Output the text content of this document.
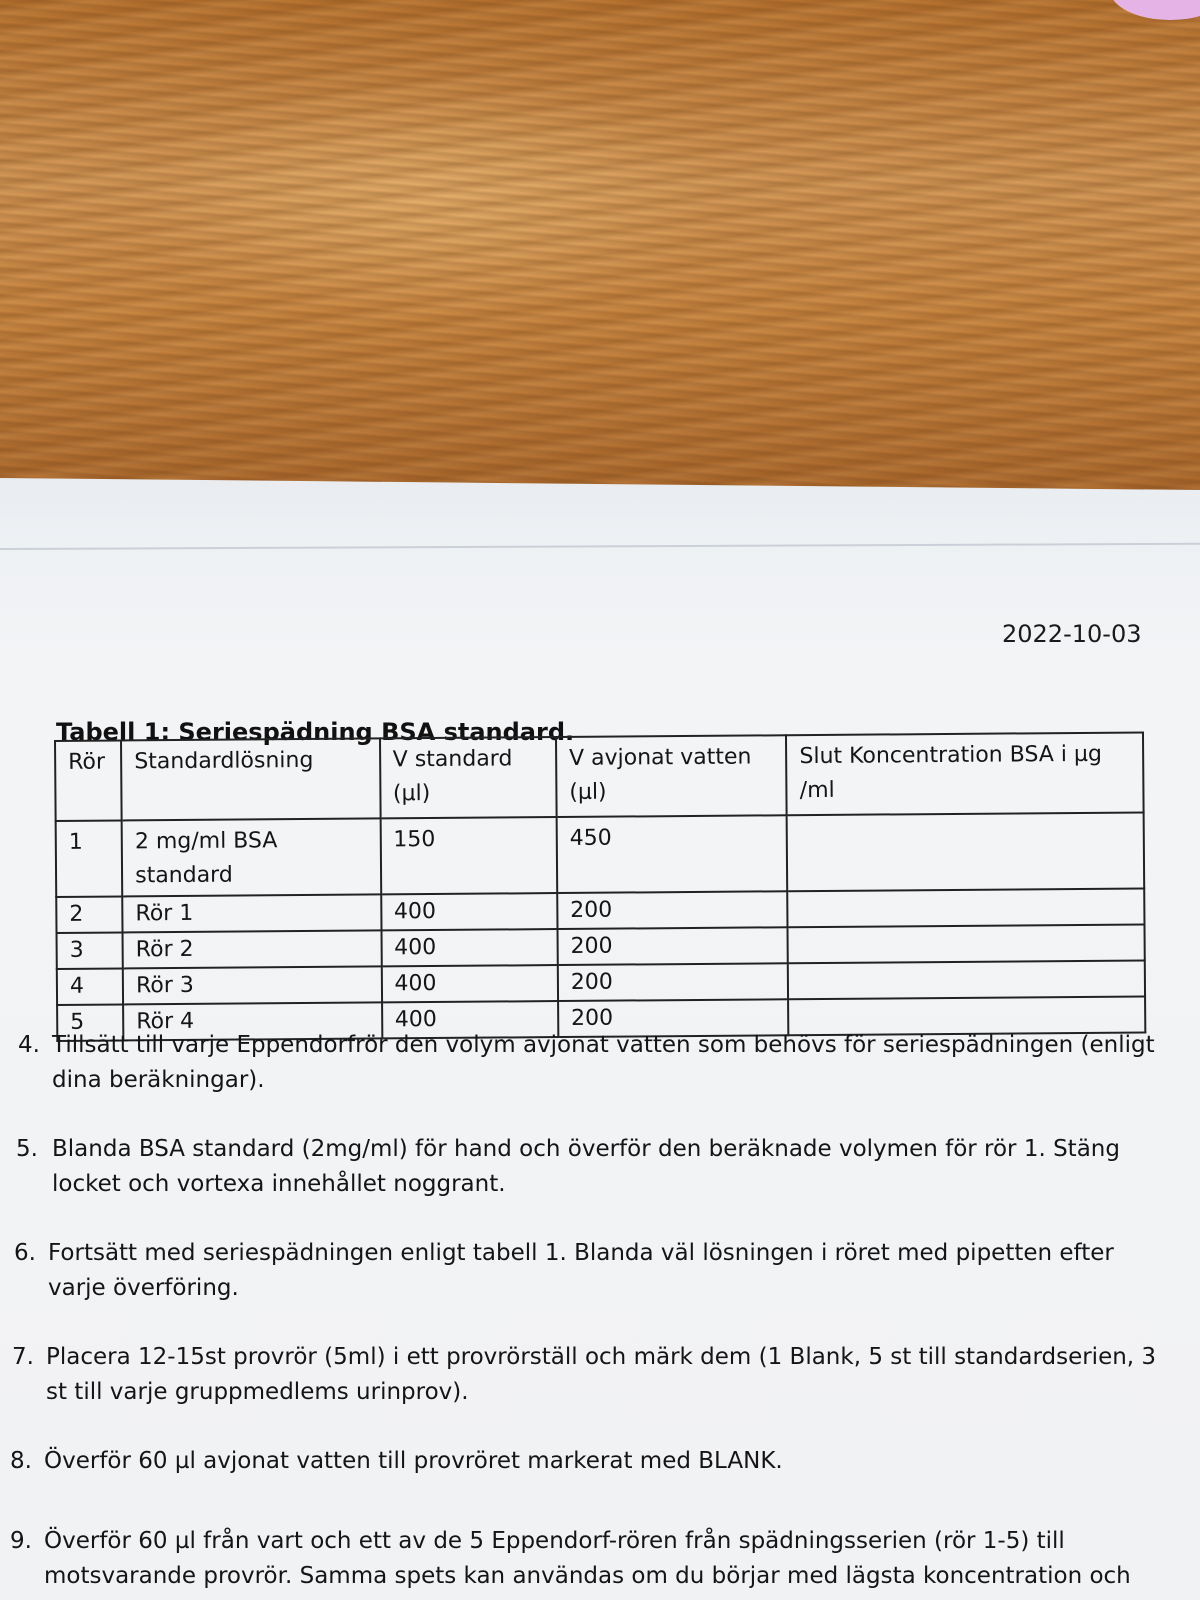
2022-10-03
Tabell 1: Seriespädning BSA standard.
Rör	Standardlösning	V standard (µl)	V avjonat vatten (µl)	Slut Koncentration BSA i µg /ml
1	2 mg/ml BSA standard	150	450	
2	Rör 1	400	200	
3	Rör 2	400	200	
4	Rör 3	400	200	
5	Rör 4	400	200	
4. Tillsätt till varje Eppendorfrör den volym avjonat vatten som behövs för seriespädningen (enligt dina beräkningar).
5. Blanda BSA standard (2mg/ml) för hand och överför den beräknade volymen för rör 1. Stäng locket och vortexa innehållet noggrant.
6. Fortsätt med seriespädningen enligt tabell 1. Blanda väl lösningen i röret med pipetten efter varje överföring.
7. Placera 12-15st provrör (5ml) i ett provrörställ och märk dem (1 Blank, 5 st till standardserien, 3 st till varje gruppmedlems urinprov).
8. Överför 60 µl avjonat vatten till provröret markerat med BLANK.
9. Överför 60 µl från vart och ett av de 5 Eppendorf-rören från spädningsserien (rör 1-5) till motsvarande provrör. Samma spets kan användas om du börjar med lägsta koncentration och
